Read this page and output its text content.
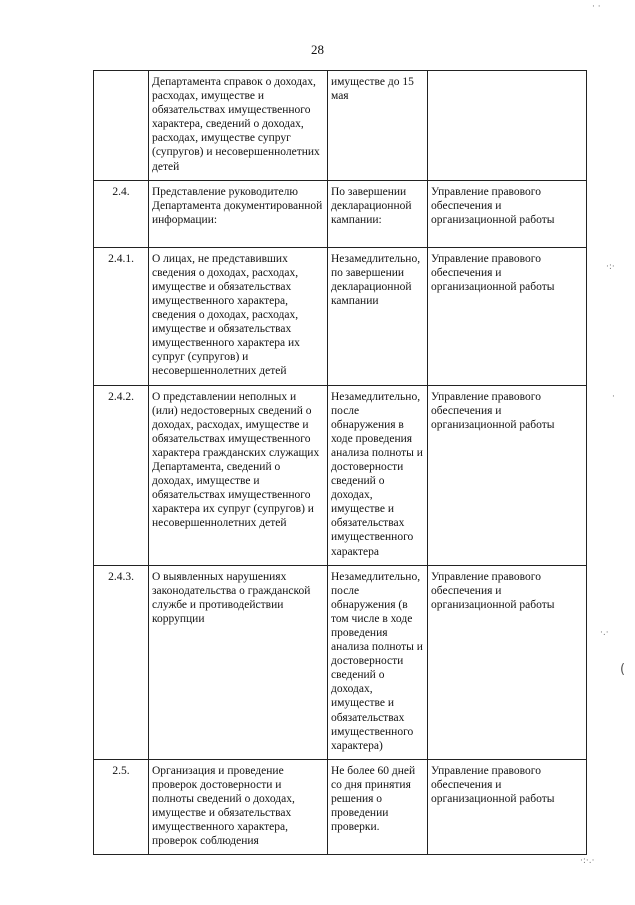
28
	Департамента справок о доходах, расходах, имуществе и обязательствах имущественного характера, сведений о доходах, расходах, имуществе супруг (супругов) и несовершеннолетних детей	имуществе до 15 мая	
2.4.	Представление руководителю Департамента документированной информации:	По завершении декларационной кампании:	Управление правового обеспечения и организационной работы
2.4.1.	О лицах, не представивших сведения о доходах, расходах, имуществе и обязательствах имущественного характера, сведения о доходах, расходах, имуществе и обязательствах имущественного характера их супруг (супругов) и несовершеннолетних детей	Незамедлительно, по завершении декларационной кампании	Управление правового обеспечения и организационной работы
2.4.2.	О представлении неполных и (или) недостоверных сведений о доходах, расходах, имуществе и обязательствах имущественного характера гражданских служащих Департамента, сведений о доходах, имуществе и обязательствах имущественного характера их супруг (супругов) и несовершеннолетних детей	Незамедлительно, после обнаружения в ходе проведения анализа полноты и достоверности сведений о доходах, имуществе и обязательствах имущественного характера	Управление правового обеспечения и организационной работы
2.4.3.	О выявленных нарушениях законодательства о гражданской службе и противодействии коррупции	Незамедлительно, после обнаружения (в том числе в ходе проведения анализа полноты и достоверности сведений о доходах, имуществе и обязательствах имущественного характера)	Управление правового обеспечения и организационной работы
2.5.	Организация и проведение проверок достоверности и полноты сведений о доходах, имуществе и обязательствах имущественного характера, проверок соблюдения	Не более 60 дней со дня принятия решения о проведении проверки.	Управление правового обеспечения и организационной работы
· ·
·:·
·
·.·
(
·:·.·
